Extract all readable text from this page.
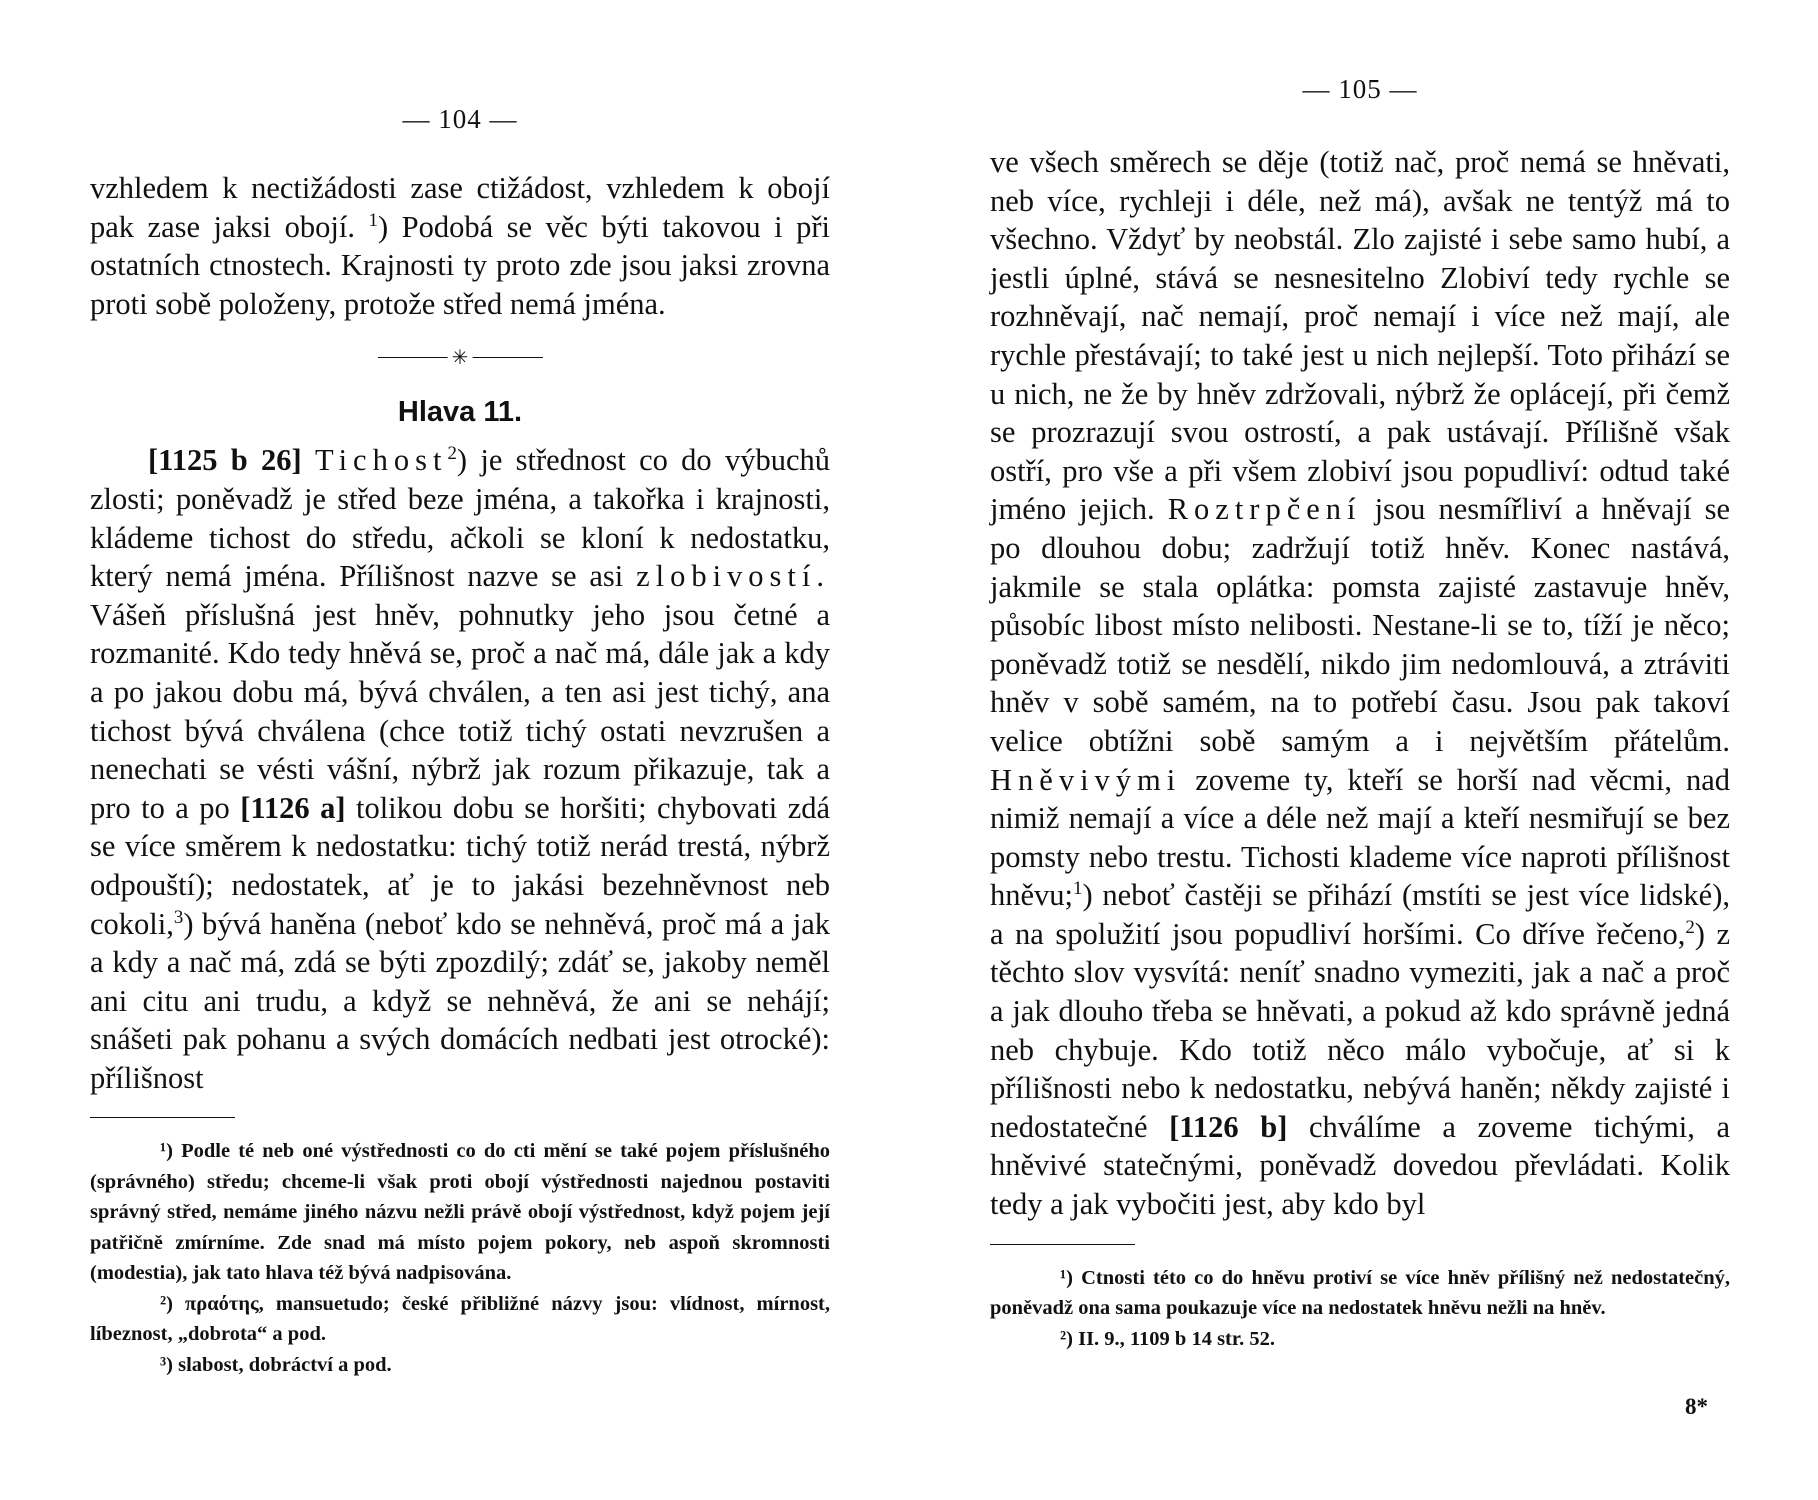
— 104 —

vzhledem k nectižádosti zase ctižádost, vzhledem k obojí pak zase jaksi obojí. $^1$) Podobá se věc býti takovou i při ostatních ctnostech. Krajnosti ty proto zde jsou jaksi zrovna proti sobě položeny, protože střed nemá jména.

✳
Hlava 11.

[1125 b 26] Tichost$^2$) je střednost co do výbuchů zlosti; poněvadž je střed beze jména, a takořka i krajnosti, kládeme tichost do středu, ačkoli se kloní k nedostatku, který nemá jména. Přílišnost nazve se asi zlobivostí. Vášeň příslušná jest hněv, pohnutky jeho jsou četné a rozmanité. Kdo tedy hněvá se, proč a nač má, dále jak a kdy a po jakou dobu má, bývá chválen, a ten asi jest tichý, ana tichost bývá chválena (chce totiž tichý ostati nevzrušen a nenechati se vésti vášní, nýbrž jak rozum přikazuje, tak a pro to a po [1126 a] tolikou dobu se horšiti; chybovati zdá se více směrem k nedostatku: tichý totiž nerád trestá, nýbrž odpouští); nedostatek, ať je to jakási bezehněvnost neb cokoli,$^3$) bývá haněna (neboť kdo se nehněvá, proč má a jak a kdy a nač má, zdá se býti zpozdilý; zdáť se, jakoby neměl ani citu ani trudu, a když se nehněvá, že ani se nehájí; snášeti pak pohanu a svých domácích nedbati jest otrocké): přílišnost

¹) Podle té neb oné výstřednosti co do cti mění se také pojem příslušného (správného) středu; chceme-li však proti obojí výstřednosti najednou postaviti správný střed, nemáme jiného názvu nežli právě obojí výstřednost, když pojem její patřičně zmírníme. Zde snad má místo pojem pokory, neb aspoň skromnosti (modestia), jak tato hlava též bývá nadpisována.

²) πραότης, mansuetudo; české přibližné názvy jsou: vlídnost, mírnost, líbeznost, „dobrota“ a pod.

³) slabost, dobráctví a pod.

— 105 —

ve všech směrech se děje (totiž nač, proč nemá se hněvati, neb více, rychleji i déle, než má), avšak ne tentýž má to všechno. Vždyť by neobstál. Zlo zajisté i sebe samo hubí, a jestli úplné, stává se nesnesitelno Zlobiví tedy rychle se rozhněvají, nač nemají, proč nemají i více než mají, ale rychle přestávají; to také jest u nich nejlepší. Toto přihází se u nich, ne že by hněv zdržovali, nýbrž že oplácejí, při čemž se prozrazují svou ostrostí, a pak ustávají. Přílišně však ostří, pro vše a při všem zlobiví jsou popudliví: odtud také jméno jejich. Roztrpčení jsou nesmířliví a hněvají se po dlouhou dobu; zadržují totiž hněv. Konec nastává, jakmile se stala oplátka: pomsta zajisté zastavuje hněv, působíc libost místo nelibosti. Nestane-li se to, tíží je něco; poněvadž totiž se nesdělí, nikdo jim nedomlouvá, a ztráviti hněv v sobě samém, na to potřebí času. Jsou pak takoví velice obtížni sobě samým a i největším přátelům. Hněvivými zoveme ty, kteří se horší nad věcmi, nad nimiž nemají a více a déle než mají a kteří nesmiřují se bez pomsty nebo trestu. Tichosti klademe více naproti přílišnost hněvu;$^1$) neboť častěji se přihází (mstíti se jest více lidské), a na spolužití jsou popudliví horšími. Co dříve řečeno,$^2$) z těchto slov vysvítá: neníť snadno vymeziti, jak a nač a proč a jak dlouho třeba se hněvati, a pokud až kdo správně jedná neb chybuje. Kdo totiž něco málo vybočuje, ať si k přílišnosti nebo k nedostatku, nebývá haněn; někdy zajisté i nedostatečné [1126 b] chválíme a zoveme tichými, a hněvivé statečnými, poněvadž dovedou převládati. Kolik tedy a jak vybočiti jest, aby kdo byl

¹) Ctnosti této co do hněvu protiví se více hněv přílišný než nedostatečný, poněvadž ona sama poukazuje více na nedostatek hněvu nežli na hněv.

²) II. 9., 1109 b 14 str. 52.

8*
